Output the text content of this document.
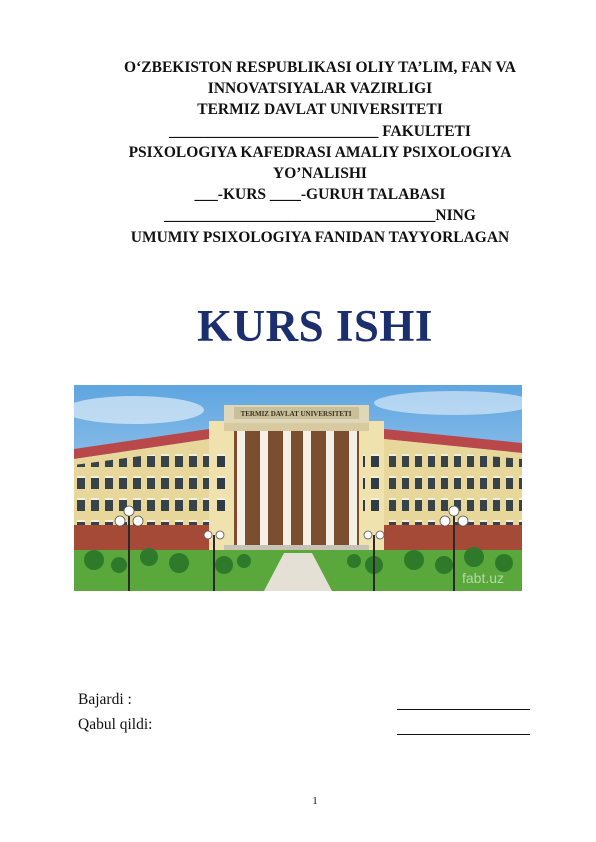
O‘ZBEKISTON RESPUBLIKASI OLIY TA’LIM, FAN VA
INNOVATSIYALAR VAZIRLIGI
TERMIZ DAVLAT UNIVERSITETI
___________________________ FAKULTETI
PSIXOLOGIYA KAFEDRASI AMALIY PSIXOLOGIYA
YO’NALISHI
___-KURS ____-GURUH TALABASI
___________________________________NING
UMUMIY PSIXOLOGIYA FANIDAN TAYYORLAGAN
KURS ISHI
TERMIZ DAVLAT UNIVERSITETI
fabt.uz
Bajardi :
Qabul qildi:
1
